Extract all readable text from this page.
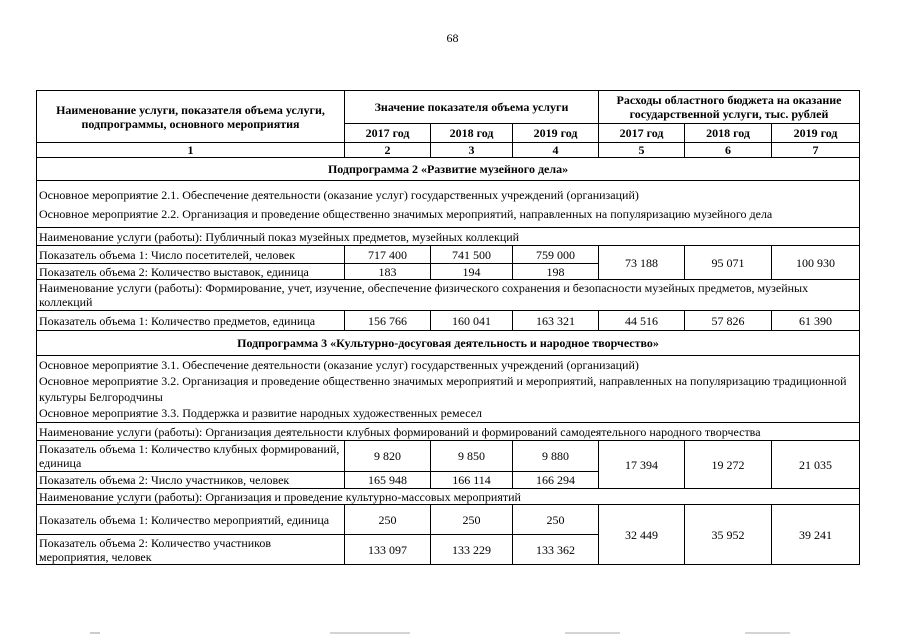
68
Наименование услуги, показателя объема услуги, подпрограммы, основного мероприятия	Значение показателя объема услуги			Расходы областного бюджета на оказание государственной услуги, тыс. рублей		
	2017 год	2018 год	2019 год	2017 год	2018 год	2019 год
1	2	3	4	5	6	7
Подпрограмма 2 «Развитие музейного дела»						

Основное мероприятие 2.1. Обеспечение деятельности (оказание услуг) государственных учреждений (организаций)
Основное мероприятие 2.2. Организация и проведение общественно значимых мероприятий, направленных на популяризацию музейного дела						

Наименование услуги (работы): Публичный показ музейных предметов, музейных коллекций						
Показатель объема 1: Число посетителей, человек	717 400	741 500	759 000	73 188	95 071	100 930
Показатель объема 2: Количество выставок, единица	183	194	198			
Наименование услуги (работы): Формирование, учет, изучение, обеспечение физического сохранения и безопасности музейных предметов, музейных коллекций						
Показатель объема 1: Количество предметов, единица	156 766	160 041	163 321	44 516	57 826	61 390
Подпрограмма 3 «Культурно-досуговая деятельность и народное творчество»						

Основное мероприятие 3.1. Обеспечение деятельности (оказание услуг) государственных учреждений (организаций)
Основное мероприятие 3.2. Организация и проведение общественно значимых мероприятий и мероприятий, направленных на популяризацию традиционной культуры Белгородчины
Основное мероприятие 3.3. Поддержка и развитие народных художественных ремесел						

Наименование услуги (работы): Организация деятельности клубных формирований и формирований самодеятельного народного творчества						
Показатель объема 1: Количество клубных формирований, единица	9 820	9 850	9 880	17 394	19 272	21 035
Показатель объема 2: Число участников, человек	165 948	166 114	166 294			
Наименование услуги (работы): Организация и проведение культурно-массовых мероприятий						
Показатель объема 1: Количество мероприятий, единица	250	250	250	32 449	35 952	39 241
Показатель объема 2: Количество участников мероприятия, человек	133 097	133 229	133 362			
